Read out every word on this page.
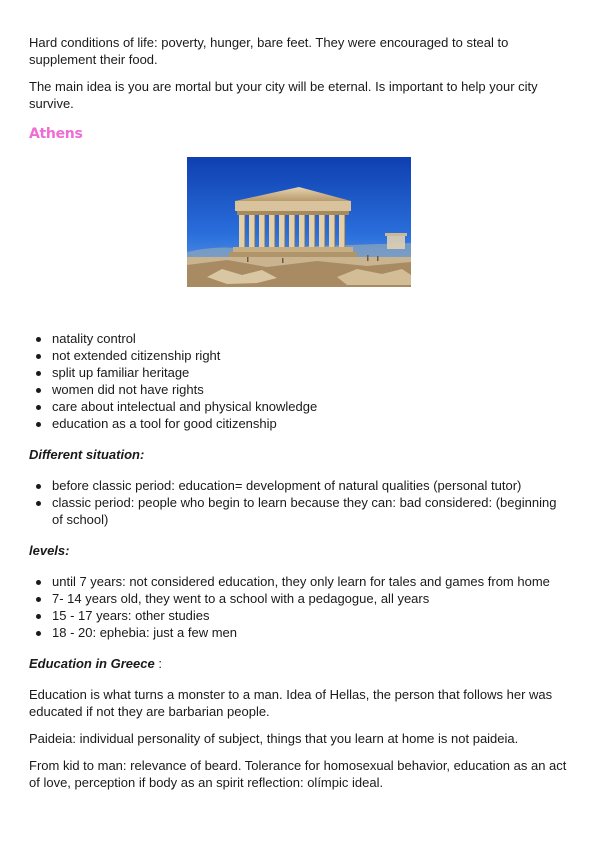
Hard conditions of life: poverty, hunger, bare feet. They were encouraged to steal to supplement their food.

The main idea is you are mortal but your city will be eternal. Is important to help your city survive.

Athens
natality control
not extended citizenship right
split up familiar heritage
women did not have rights
care about intelectual and physical knowledge
education as a tool for good citizenship

Different situation:

before classic period: education= development of natural qualities (personal tutor)
classic period: people who begin to learn because they can: bad considered: (beginning of school)

levels:

until 7 years: not considered education, they only learn for tales and games from home
7- 14 years old, they went to a school with a pedagogue, all years
15 - 17 years: other studies
18 - 20: ephebia: just a few men

Education in Greece :

Education is what turns a monster to a man. Idea of Hellas, the person that follows her was educated if not they are barbarian people.

Paideia: individual personality of subject, things that you learn at home is not paideia.

From kid to man: relevance of beard. Tolerance for homosexual behavior, education as an act of love, perception if body as an spirit reflection: olímpic ideal.
